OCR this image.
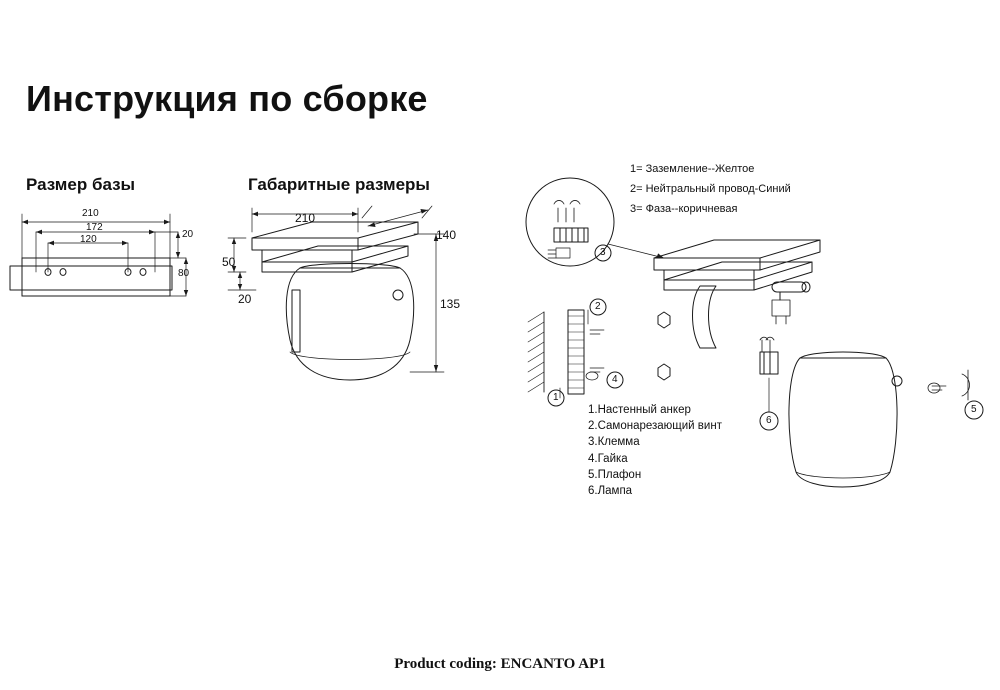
Инструкция по сборке
Размер базы	Габаритные размеры
210
172
120	20
80
210
140
50
20	135
3
1
2
4
5
6
1= Заземление--Желтое
2= Нейтральный провод-Синий
3= Фаза--коричневая
1.Настенный анкер
2.Самонарезающий винт
3.Клемма
4.Гайка
5.Плафон
6.Лампа
Product coding: ENCANTO AP1
